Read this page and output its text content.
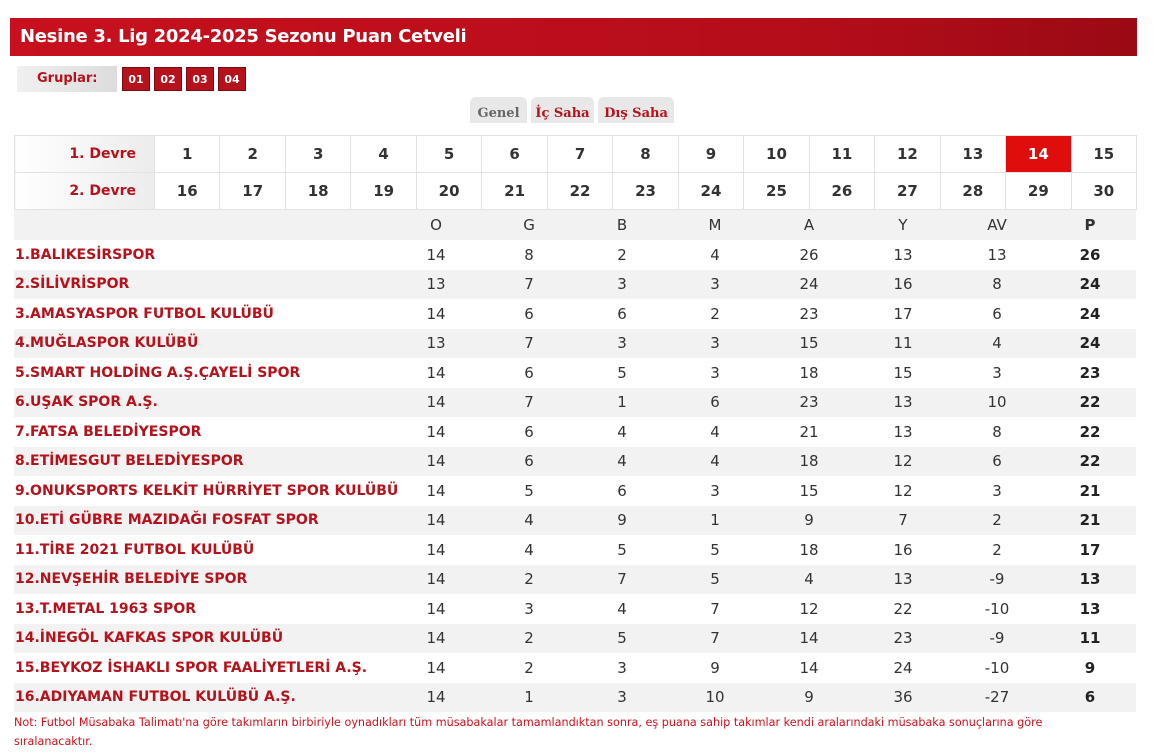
Nesine 3. Lig 2024-2025 Sezonu Puan Cetveli
Gruplar:	01	02	03	04
Genel	İç Saha	Dış Saha
1. Devre	1	2	3	4	5	6	7	8	9	10	11	12	13	14	15
2. Devre	16	17	18	19	20	21	22	23	24	25	26	27	28	29	30
	O	G	B	M	A	Y	AV	P
1.BALIKESİRSPOR	14	8	2	4	26	13	13	26
2.SİLİVRİSPOR	13	7	3	3	24	16	8	24
3.AMASYASPOR FUTBOL KULÜBÜ	14	6	6	2	23	17	6	24
4.MUĞLASPOR KULÜBÜ	13	7	3	3	15	11	4	24
5.SMART HOLDİNG A.Ş.ÇAYELİ SPOR	14	6	5	3	18	15	3	23
6.UŞAK SPOR A.Ş.	14	7	1	6	23	13	10	22
7.FATSA BELEDİYESPOR	14	6	4	4	21	13	8	22
8.ETİMESGUT BELEDİYESPOR	14	6	4	4	18	12	6	22
9.ONUKSPORTS KELKİT HÜRRİYET SPOR KULÜBÜ	14	5	6	3	15	12	3	21
10.ETİ GÜBRE MAZIDAĞI FOSFAT SPOR	14	4	9	1	9	7	2	21
11.TİRE 2021 FUTBOL KULÜBÜ	14	4	5	5	18	16	2	17
12.NEVŞEHİR BELEDİYE SPOR	14	2	7	5	4	13	-9	13
13.T.METAL 1963 SPOR	14	3	4	7	12	22	-10	13
14.İNEGÖL KAFKAS SPOR KULÜBÜ	14	2	5	7	14	23	-9	11
15.BEYKOZ İSHAKLI SPOR FAALİYETLERİ A.Ş.	14	2	3	9	14	24	-10	9
16.ADIYAMAN FUTBOL KULÜBÜ A.Ş.	14	1	3	10	9	36	-27	6
Not: Futbol Müsabaka Talimatı'na göre takımların birbiriyle oynadıkları tüm müsabakalar tamamlandıktan sonra, eş puana sahip takımlar kendi aralarındaki müsabaka sonuçlarına göre sıralanacaktır.
